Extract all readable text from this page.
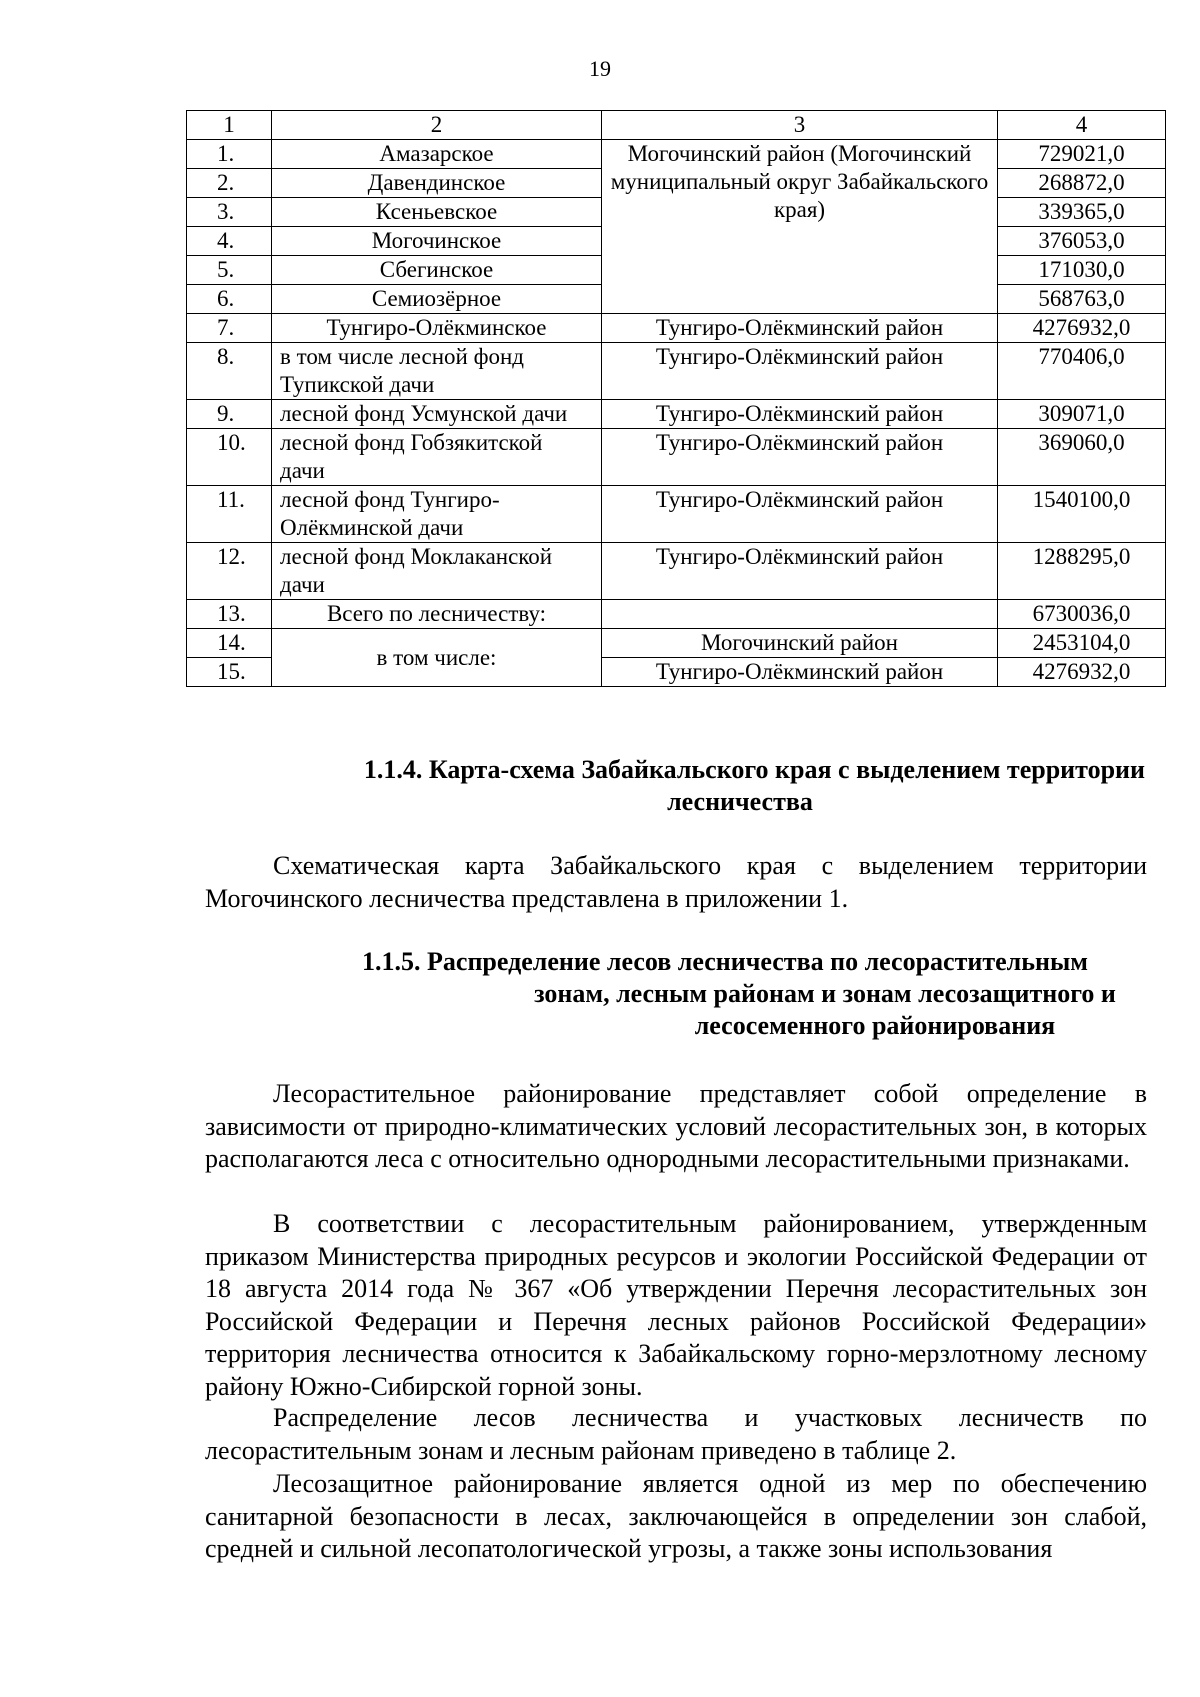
19
1	2	3	4
1.	Амазарское	Могочинский район (Могочинский муниципальный округ Забайкальского края)	729021,0
2.	Давендинское		268872,0
3.	Ксеньевское		339365,0
4.	Могочинское		376053,0
5.	Сбегинское		171030,0
6.	Семиозёрное		568763,0
7.	Тунгиро-Олёкминское	Тунгиро-Олёкминский район	4276932,0
8.	в том числе лесной фонд Тупикской дачи	Тунгиро-Олёкминский район	770406,0
9.	лесной фонд Усмунской дачи	Тунгиро-Олёкминский район	309071,0
10.	лесной фонд Гобзякитской дачи	Тунгиро-Олёкминский район	369060,0
11.	лесной фонд Тунгиро-Олёкминской дачи	Тунгиро-Олёкминский район	1540100,0
12.	лесной фонд Моклаканской дачи	Тунгиро-Олёкминский район	1288295,0
13.	Всего по лесничеству:		6730036,0
14.	в том числе:	Могочинский район	2453104,0
15.		Тунгиро-Олёкминский район	4276932,0
1.1.4. Карта-схема Забайкальского края с выделением территории
лесничества

Схематическая карта Забайкальского края с выделением территории Могочинского лесничества представлена в приложении 1.

1.1.5. Распределение лесов лесничества по лесорастительным
зонам, лесным районам и зонам лесозащитного и
лесосеменного районирования

Лесорастительное районирование представляет собой определение в зависимости от природно-климатических условий лесорастительных зон, в которых располагаются леса с относительно однородными лесорастительными признаками.

В соответствии с лесорастительным районированием, утвержденным приказом Министерства природных ресурсов и экологии Российской Федерации от 18 августа 2014 года № 367 «Об утверждении Перечня лесорастительных зон Российской Федерации и Перечня лесных районов Российской Федерации» территория лесничества относится к Забайкальскому горно-мерзлотному лесному району Южно-Сибирской горной зоны.

Распределение лесов лесничества и участковых лесничеств по лесорастительным зонам и лесным районам приведено в таблице 2.

Лесозащитное районирование является одной из мер по обеспечению санитарной безопасности в лесах, заключающейся в определении зон слабой, средней и сильной лесопатологической угрозы, а также зоны использования
